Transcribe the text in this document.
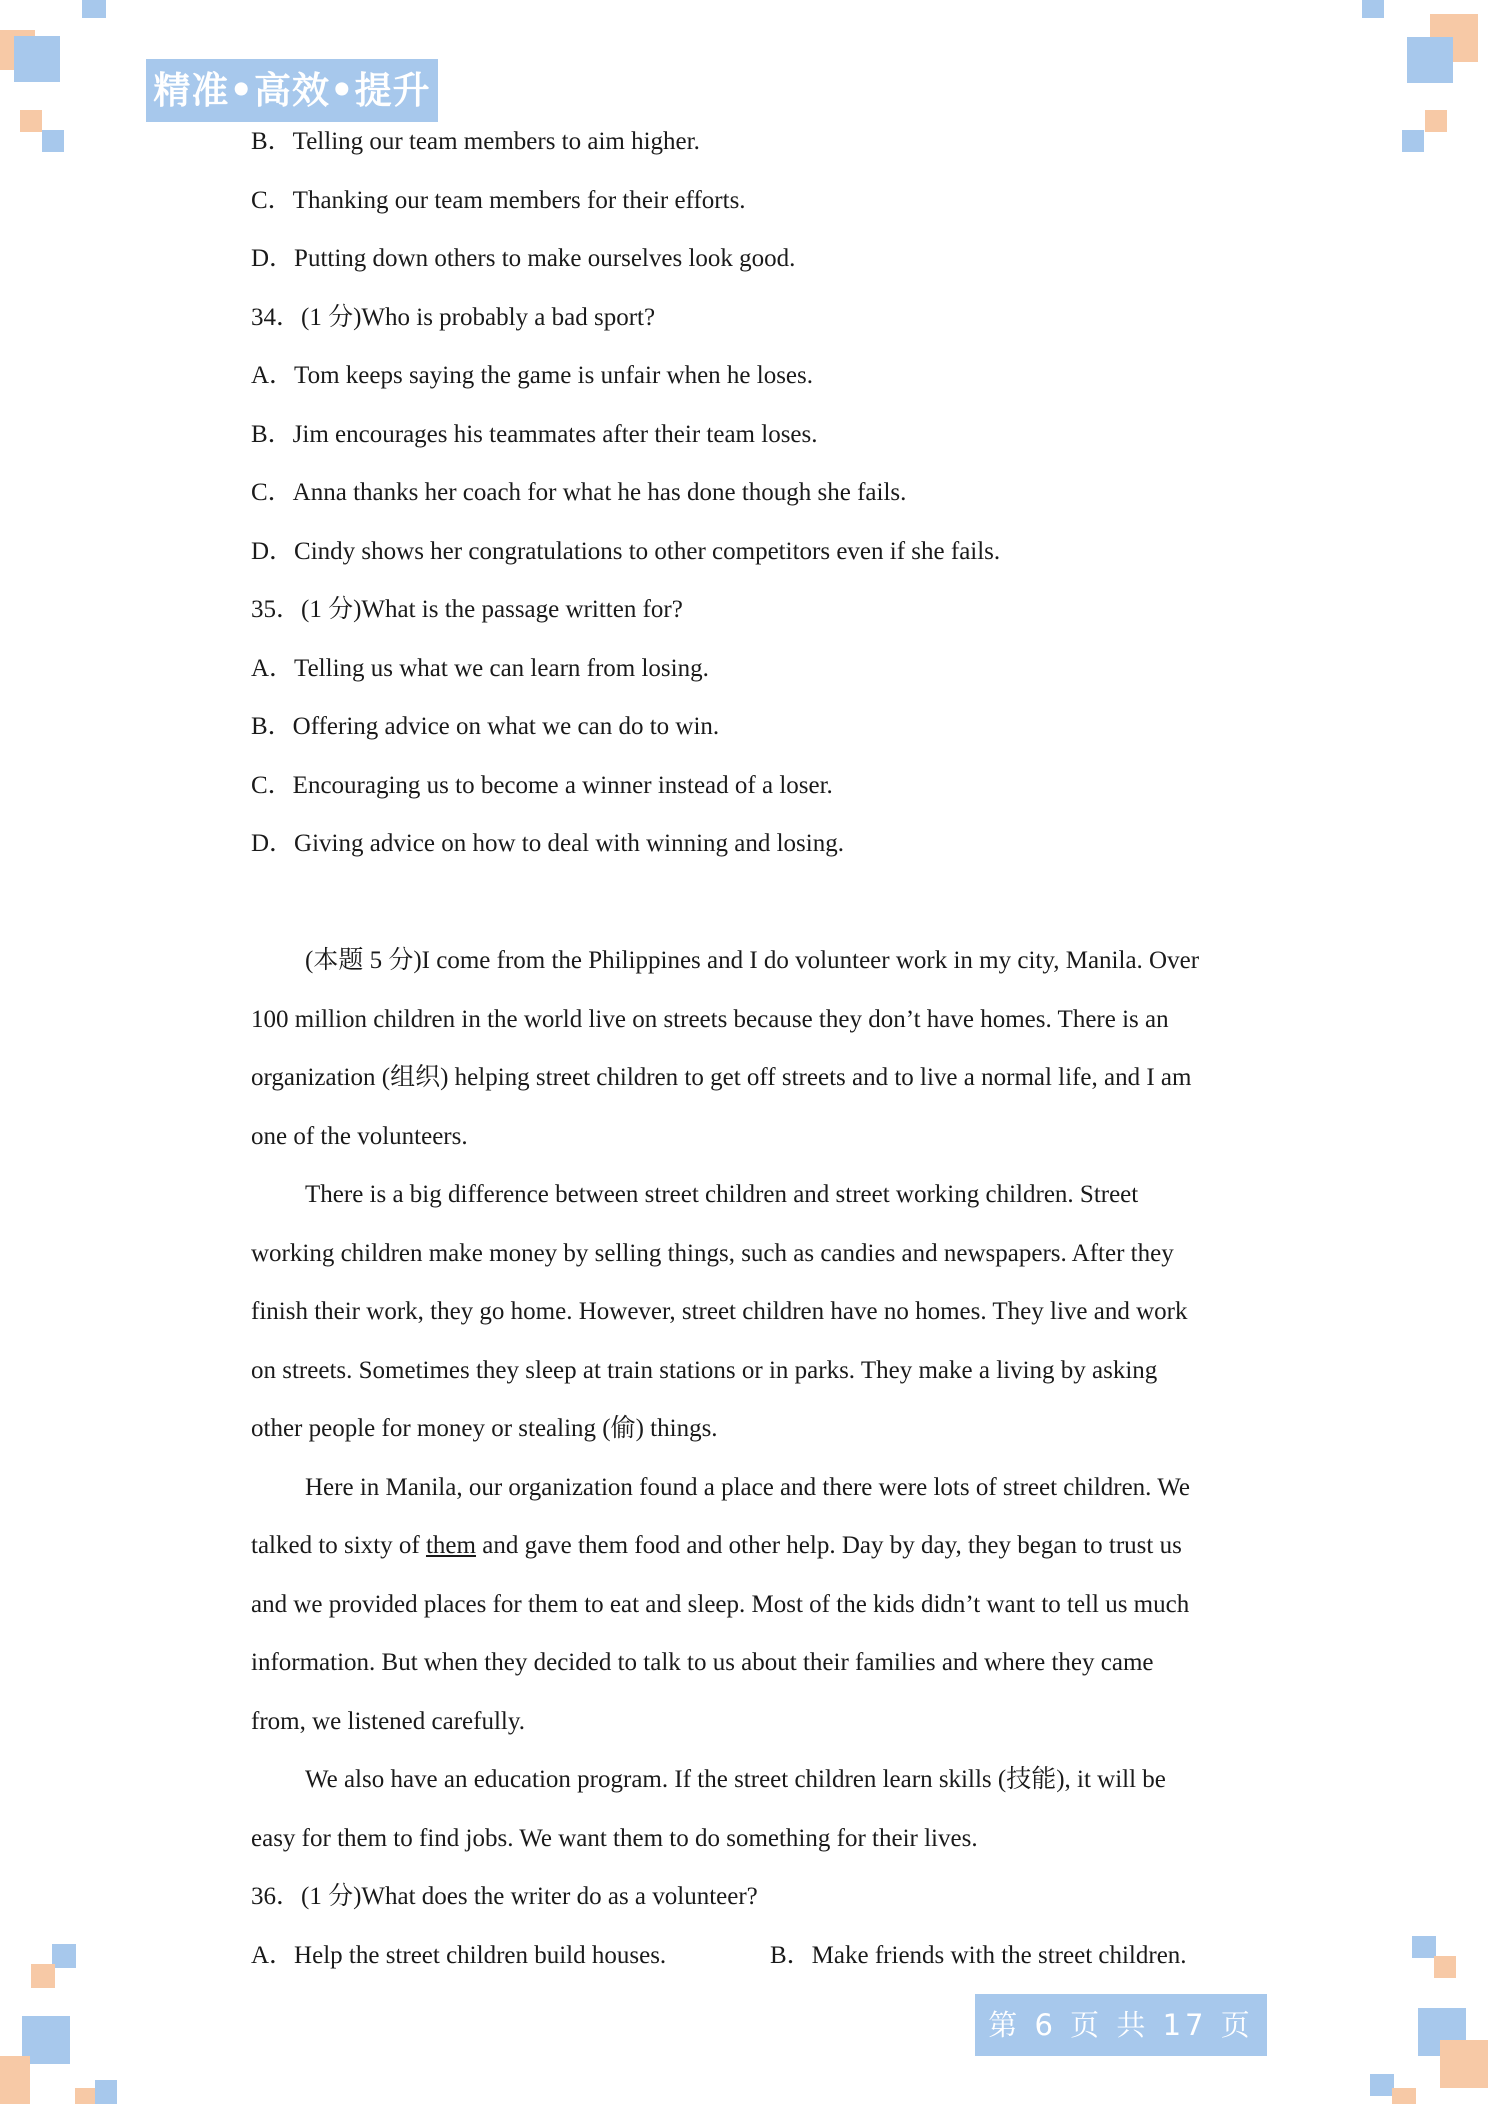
精准•高效•提升
B．Telling our team members to aim higher.
C．Thanking our team members for their efforts.
D．Putting down others to make ourselves look good.
34．(1 分)Who is probably a bad sport?
A．Tom keeps saying the game is unfair when he loses.
B．Jim encourages his teammates after their team loses.
C．Anna thanks her coach for what he has done though she fails.
D．Cindy shows her congratulations to other competitors even if she fails.
35．(1 分)What is the passage written for?
A．Telling us what we can learn from losing.
B．Offering advice on what we can do to win.
C．Encouraging us to become a winner instead of a loser.
D．Giving advice on how to deal with winning and losing.
(本题 5 分)I come from the Philippines and I do volunteer work in my city, Manila. Over
100 million children in the world live on streets because they don’t have homes. There is an
organization (组织) helping street children to get off streets and to live a normal life, and I am
one of the volunteers.
There is a big difference between street children and street working children. Street
working children make money by selling things, such as candies and newspapers. After they
finish their work, they go home. However, street children have no homes. They live and work
on streets. Sometimes they sleep at train stations or in parks. They make a living by asking
other people for money or stealing (偷) things.
Here in Manila, our organization found a place and there were lots of street children. We
talked to sixty of them and gave them food and other help. Day by day, they began to trust us
and we provided places for them to eat and sleep. Most of the kids didn’t want to tell us much
information. But when they decided to talk to us about their families and where they came
from, we listened carefully.
We also have an education program. If the street children learn skills (技能), it will be
easy for them to find jobs. We want them to do something for their lives.
36．(1 分)What does the writer do as a volunteer?
A．Help the street children build houses.	B．Make friends with the street children.
第 6 页 共 17 页
